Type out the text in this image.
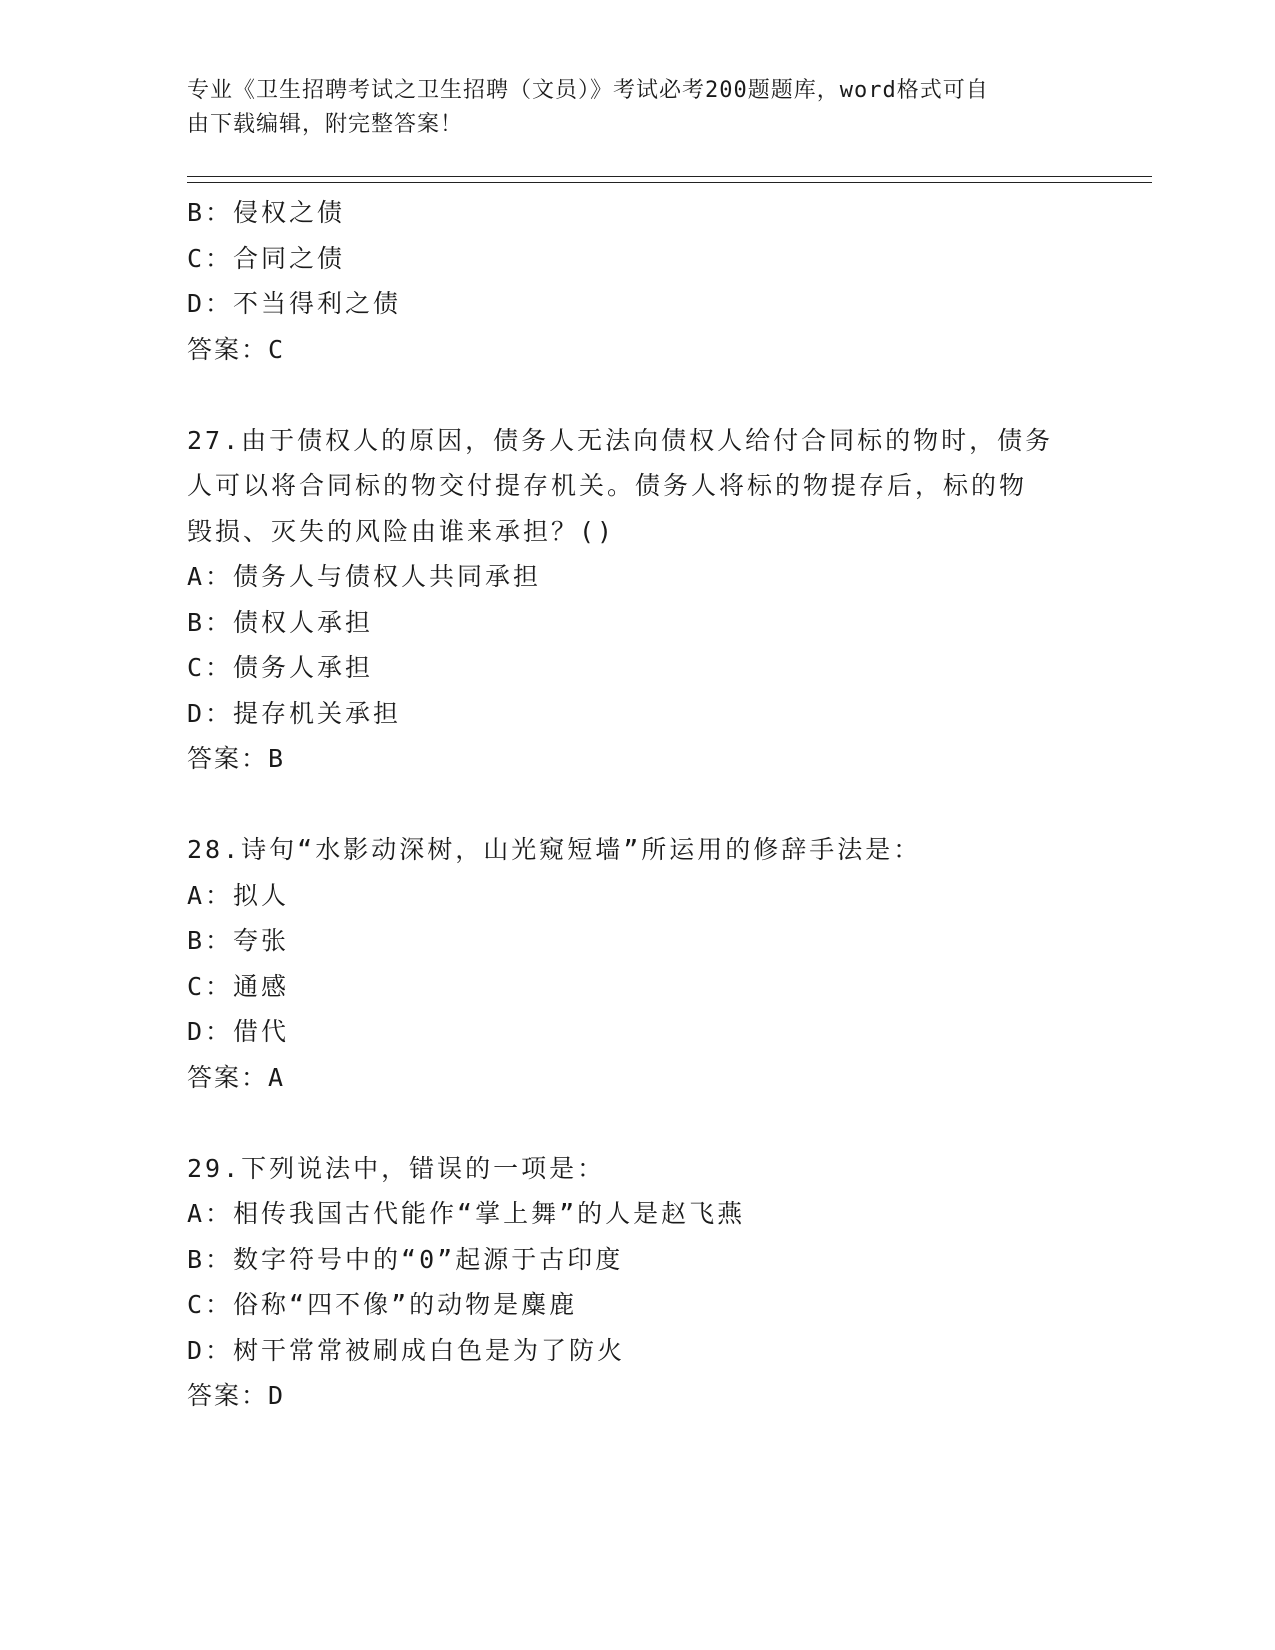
专业《卫生招聘考试之卫生招聘（文员）》考试必考200题题库，word格式可自
由下载编辑，附完整答案！
B：侵权之债
C：合同之债
D：不当得利之债
答案：C
27.由于债权人的原因，债务人无法向债权人给付合同标的物时，债务
人可以将合同标的物交付提存机关。债务人将标的物提存后，标的物
毁损、灭失的风险由谁来承担？()
A：债务人与债权人共同承担
B：债权人承担
C：债务人承担
D：提存机关承担
答案：B
28.诗句“水影动深树，山光窥短墙”所运用的修辞手法是：
A：拟人
B：夸张
C：通感
D：借代
答案：A
29.下列说法中，错误的一项是：
A：相传我国古代能作“掌上舞”的人是赵飞燕
B：数字符号中的“0”起源于古印度
C：俗称“四不像”的动物是麋鹿
D：树干常常被刷成白色是为了防火
答案：D
